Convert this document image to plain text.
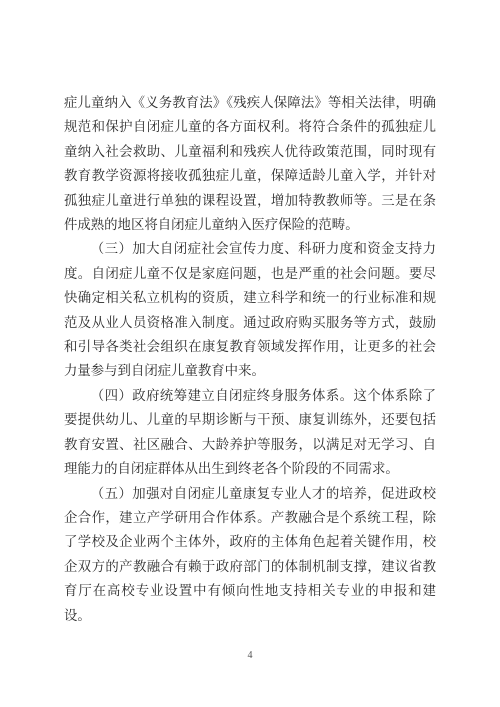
症儿童纳入《义务教育法》《残疾人保障法》等相关法律，明确规范和保护自闭症儿童的各方面权利。将符合条件的孤独症儿童纳入社会救助、儿童福利和残疾人优待政策范围，同时现有教育教学资源将接收孤独症儿童，保障适龄儿童入学，并针对孤独症儿童进行单独的课程设置，增加特教教师等。三是在条件成熟的地区将自闭症儿童纳入医疗保险的范畴。

（三）加大自闭症社会宣传力度、科研力度和资金支持力度。自闭症儿童不仅是家庭问题，也是严重的社会问题。要尽快确定相关私立机构的资质，建立科学和统一的行业标准和规范及从业人员资格准入制度。通过政府购买服务等方式，鼓励和引导各类社会组织在康复教育领域发挥作用，让更多的社会力量参与到自闭症儿童教育中来。

（四）政府统筹建立自闭症终身服务体系。这个体系除了要提供幼儿、儿童的早期诊断与干预、康复训练外，还要包括教育安置、社区融合、大龄养护等服务，以满足对无学习、自理能力的自闭症群体从出生到终老各个阶段的不同需求。

（五）加强对自闭症儿童康复专业人才的培养，促进政校企合作，建立产学研用合作体系。产教融合是个系统工程，除了学校及企业两个主体外，政府的主体角色起着关键作用，校企双方的产教融合有赖于政府部门的体制机制支撑，建议省教育厅在高校专业设置中有倾向性地支持相关专业的申报和建设。

4
